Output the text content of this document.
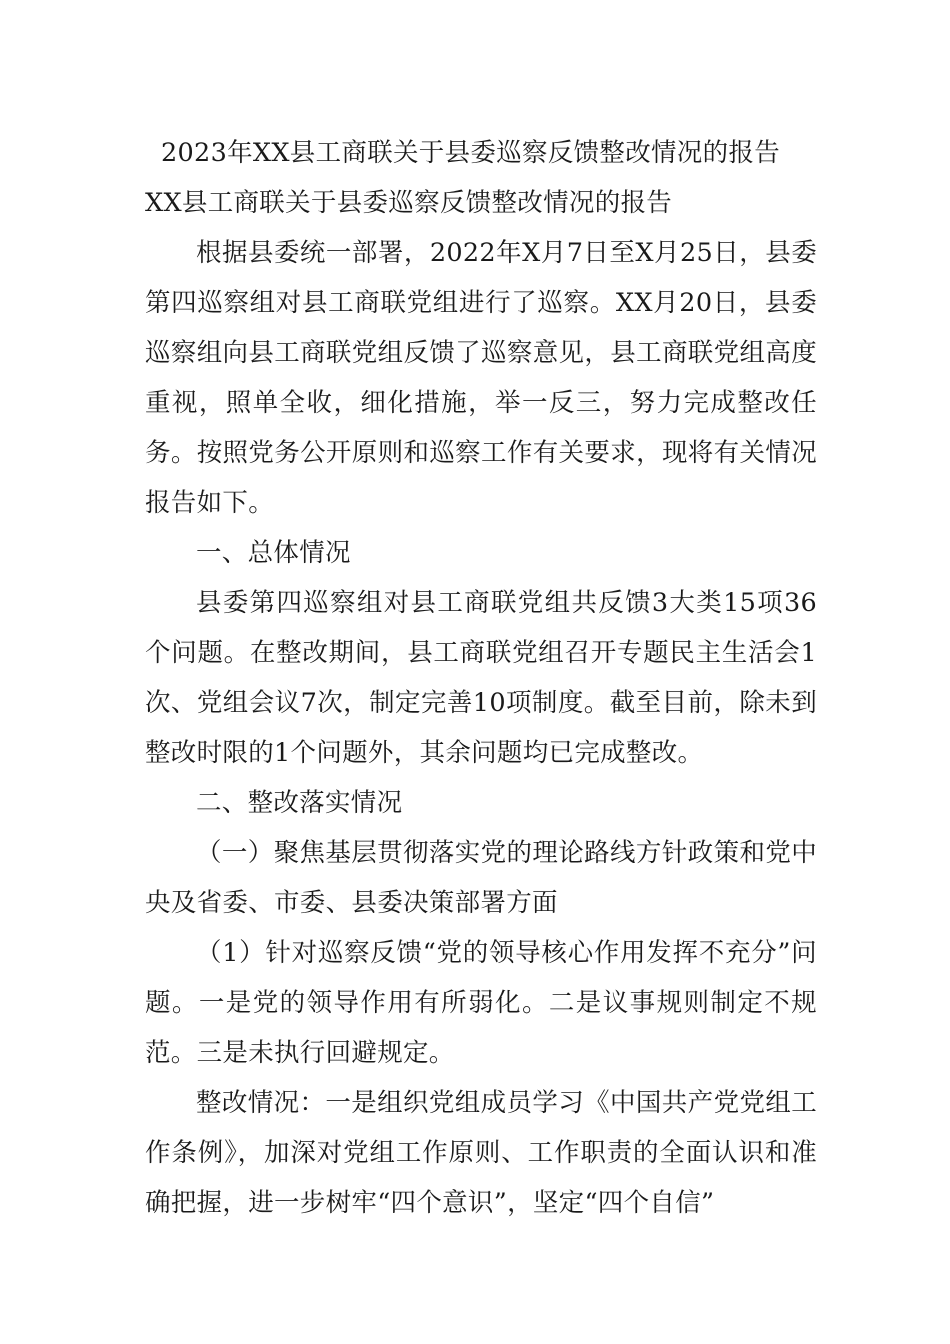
2023年XX县工商联关于县委巡察反馈整改情况的报告

XX县工商联关于县委巡察反馈整改情况的报告

根据县委统一部署，2022年X月7日至X月25日，县委第四巡察组对县工商联党组进行了巡察。XX月20日，县委巡察组向县工商联党组反馈了巡察意见，县工商联党组高度重视，照单全收，细化措施，举一反三，努力完成整改任务。按照党务公开原则和巡察工作有关要求，现将有关情况报告如下。

一、总体情况

县委第四巡察组对县工商联党组共反馈3大类15项36个问题。在整改期间，县工商联党组召开专题民主生活会1次、党组会议7次，制定完善10项制度。截至目前，除未到整改时限的1个问题外，其余问题均已完成整改。

二、整改落实情况

（一）聚焦基层贯彻落实党的理论路线方针政策和党中央及省委、市委、县委决策部署方面

（1）针对巡察反馈“党的领导核心作用发挥不充分”问题。一是党的领导作用有所弱化。二是议事规则制定不规范。三是未执行回避规定。

整改情况：一是组织党组成员学习《中国共产党党组工作条例》，加深对党组工作原则、工作职责的全面认识和准确把握，进一步树牢“四个意识”，坚定“四个自信”
